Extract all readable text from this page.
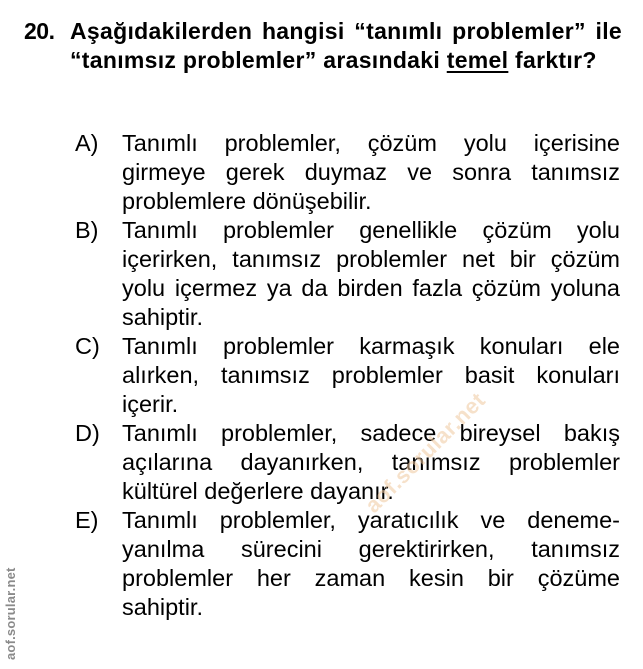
20. Aşağıdakilerden hangisi “tanımlı problemler” ile “tanımsız problemler” arasındaki temel farktır?
A) Tanımlı problemler, çözüm yolu içerisine girmeye gerek duymaz ve sonra tanımsız problemlere dönüşebilir.
B) Tanımlı problemler genellikle çözüm yolu içerirken, tanımsız problemler net bir çözüm yolu içermez ya da birden fazla çözüm yoluna sahiptir.
C) Tanımlı problemler karmaşık konuları ele alırken, tanımsız problemler basit konuları içerir.
D) Tanımlı problemler, sadece bireysel bakış açılarına dayanırken, tanımsız problemler kültürel değerlere dayanır.
E) Tanımlı problemler, yaratıcılık ve deneme-yanılma sürecini gerektirirken, tanımsız problemler her zaman kesin bir çözüme sahiptir.
aof.sorular.net
aof.sorular.net
